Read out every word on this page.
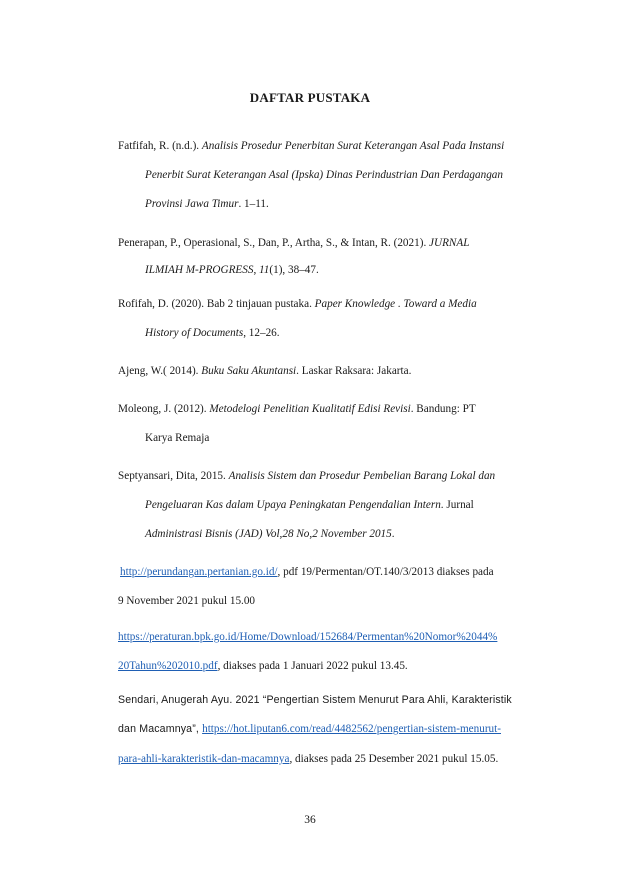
DAFTAR PUSTAKA
Fatfifah, R. (n.d.). Analisis Prosedur Penerbitan Surat Keterangan Asal Pada Instansi
Penerbit Surat Keterangan Asal (Ipska) Dinas Perindustrian Dan Perdagangan
Provinsi Jawa Timur. 1–11.
Penerapan, P., Operasional, S., Dan, P., Artha, S., & Intan, R. (2021). JURNAL
ILMIAH M-PROGRESS, 11(1), 38–47.
Rofifah, D. (2020). Bab 2 tinjauan pustaka. Paper Knowledge . Toward a Media
History of Documents, 12–26.
Ajeng, W.( 2014). Buku Saku Akuntansi. Laskar Raksara: Jakarta.
Moleong, J. (2012). Metodelogi Penelitian Kualitatif Edisi Revisi. Bandung: PT
Karya Remaja
Septyansari, Dita, 2015. Analisis Sistem dan Prosedur Pembelian Barang Lokal dan
Pengeluaran Kas dalam Upaya Peningkatan Pengendalian Intern. Jurnal
Administrasi Bisnis (JAD) Vol,28 No,2 November 2015.
http://perundangan.pertanian.go.id/, pdf 19/Permentan/OT.140/3/2013 diakses pada
9 November 2021 pukul 15.00
https://peraturan.bpk.go.id/Home/Download/152684/Permentan%20Nomor%2044%
20Tahun%202010.pdf, diakses pada 1 Januari 2022 pukul 13.45.
Sendari, Anugerah Ayu. 2021 “Pengertian Sistem Menurut Para Ahli, Karakteristik
dan Macamnya”, https://hot.liputan6.com/read/4482562/pengertian-sistem-menurut-
para-ahli-karakteristik-dan-macamnya, diakses pada 25 Desember 2021 pukul 15.05.
36
